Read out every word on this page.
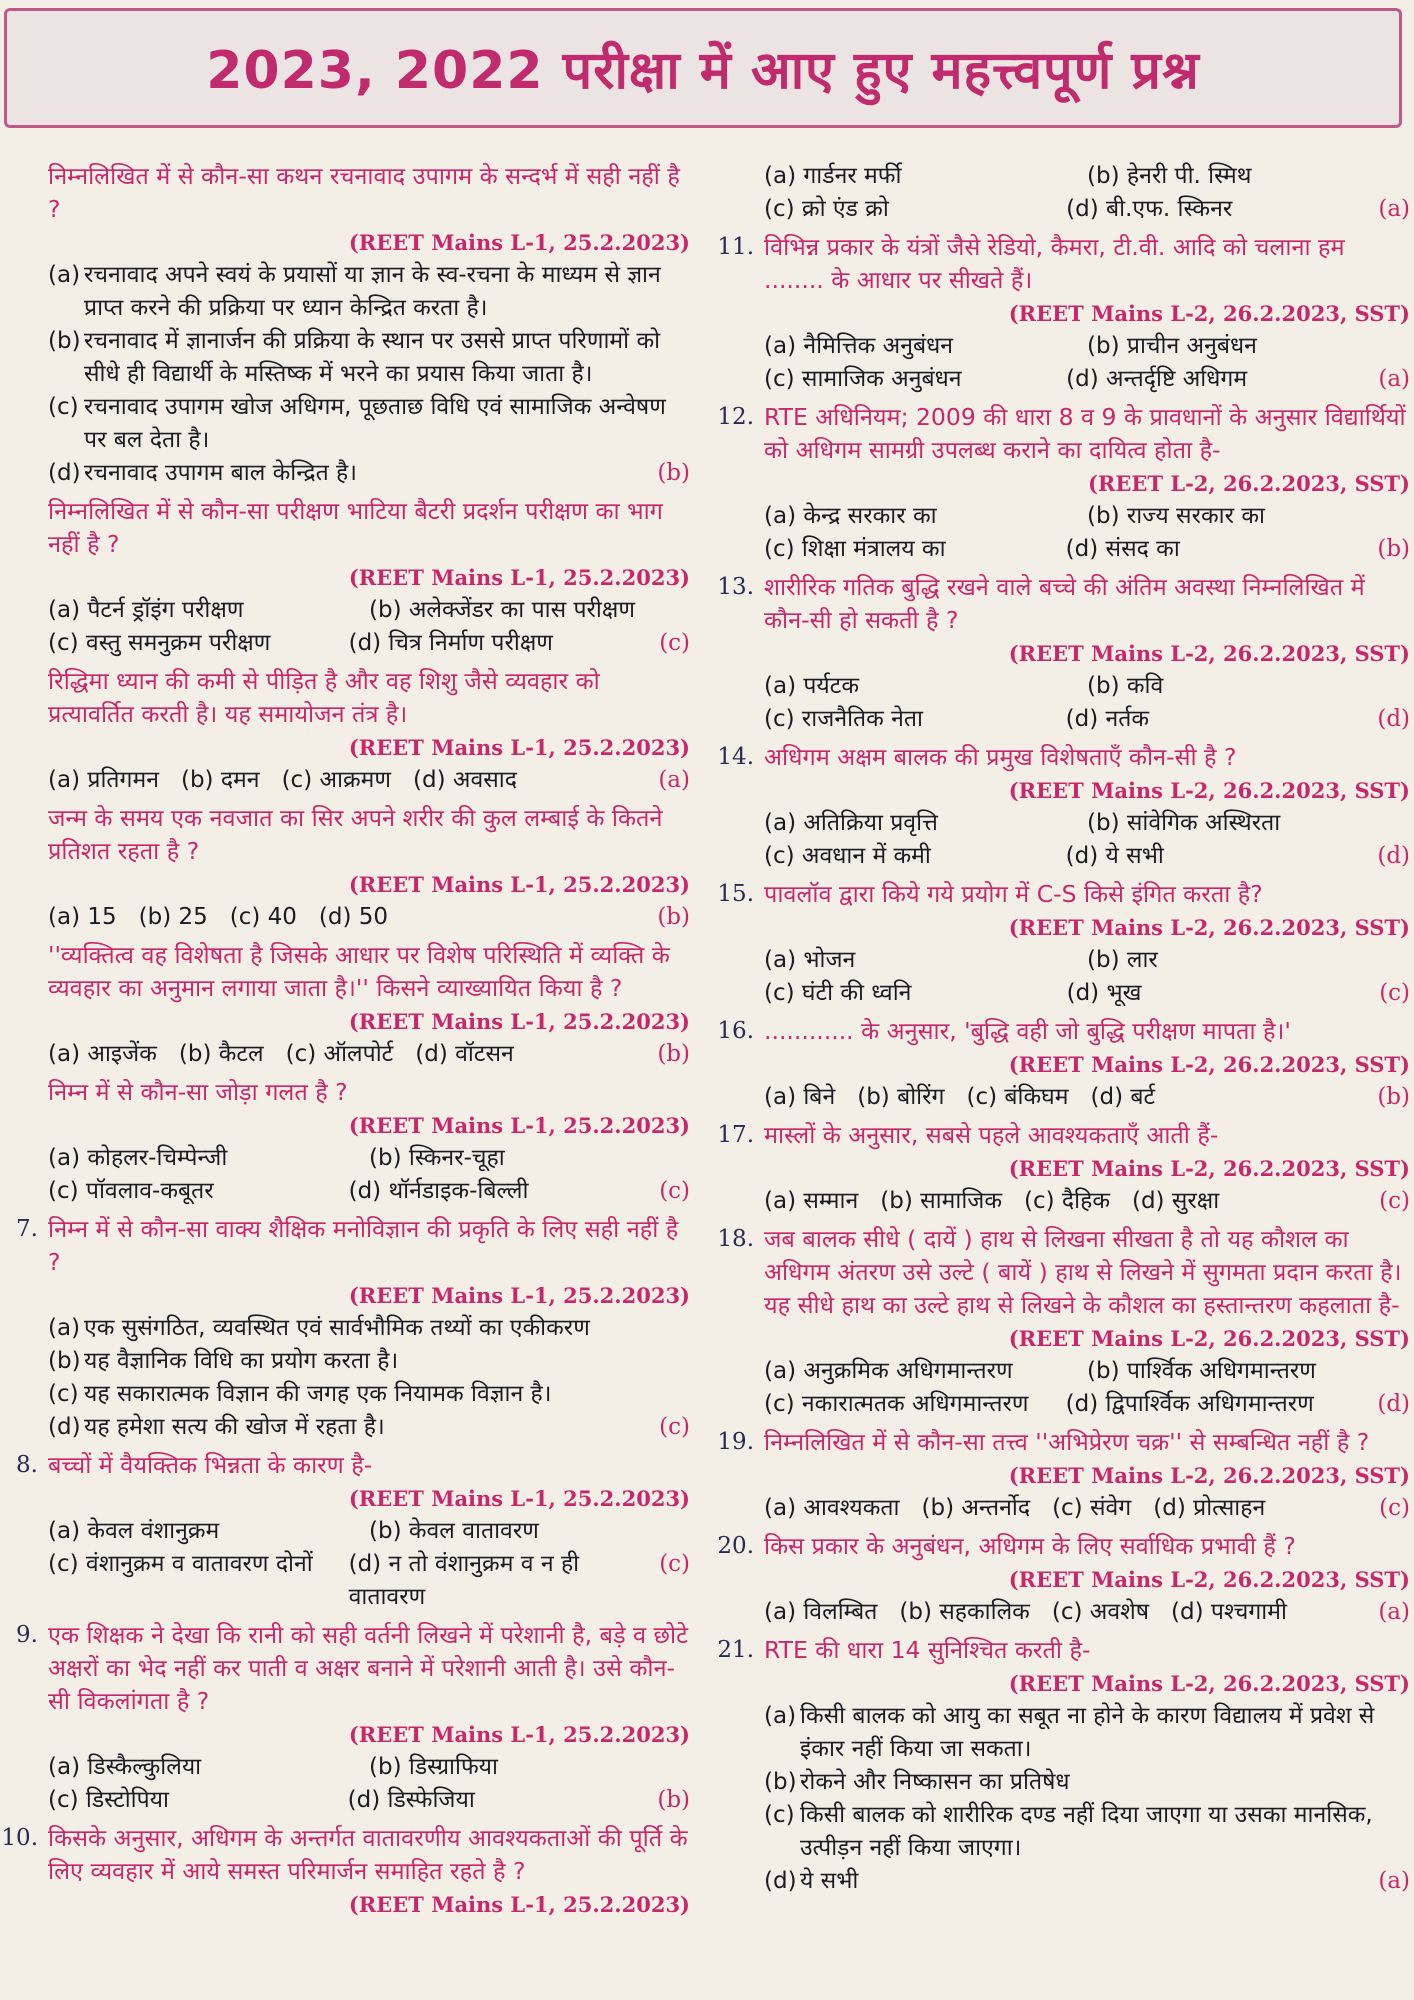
2023, 2022 परीक्षा में आए हुए महत्त्वपूर्ण प्रश्न
निम्नलिखित में से कौन-सा कथन रचनावाद उपागम के सन्दर्भ में सही नहीं है ?
(REET Mains L-1, 25.2.2023)
(a) रचनावाद अपने स्वयं के प्रयासों या ज्ञान के स्व-रचना के माध्यम से ज्ञान प्राप्त करने की प्रक्रिया पर ध्यान केन्द्रित करता है।
(b) रचनावाद में ज्ञानार्जन की प्रक्रिया के स्थान पर उससे प्राप्त परिणामों को सीधे ही विद्यार्थी के मस्तिष्क में भरने का प्रयास किया जाता है।
(c) रचनावाद उपागम खोज अधिगम, पूछताछ विधि एवं सामाजिक अन्वेषण पर बल देता है।
(d) रचनावाद उपागम बाल केन्द्रित है।	(b)
निम्नलिखित में से कौन-सा परीक्षण भाटिया बैटरी प्रदर्शन परीक्षण का भाग नहीं है ?
(REET Mains L-1, 25.2.2023)
(a) पैटर्न ड्रॉइंग परीक्षण	(b) अलेक्जेंडर का पास परीक्षण
(c) वस्तु समनुक्रम परीक्षण	(d) चित्र निर्माण परीक्षण	(c)
रिद्धिमा ध्यान की कमी से पीड़ित है और वह शिशु जैसे व्यवहार को प्रत्यावर्तित करती है। यह समायोजन तंत्र है।
(REET Mains L-1, 25.2.2023)
(a) प्रतिगमन (b) दमन (c) आक्रमण (d) अवसाद	(a)
जन्म के समय एक नवजात का सिर अपने शरीर की कुल लम्बाई के कितने प्रतिशत रहता है ?
(REET Mains L-1, 25.2.2023)
(a) 15 (b) 25 (c) 40 (d) 50	(b)
''व्यक्तित्व वह विशेषता है जिसके आधार पर विशेष परिस्थिति में व्यक्ति के व्यवहार का अनुमान लगाया जाता है।'' किसने व्याख्यायित किया है ?
(REET Mains L-1, 25.2.2023)
(a) आइजेंक (b) कैटल (c) ऑलपोर्ट (d) वॉटसन	(b)
निम्न में से कौन-सा जोड़ा गलत है ?
(REET Mains L-1, 25.2.2023)
(a) कोहलर-चिम्पेन्जी	(b) स्किनर-चूहा
(c) पॉवलाव-कबूतर	(d) थॉर्नडाइक-बिल्ली	(c)
7. निम्न में से कौन-सा वाक्य शैक्षिक मनोविज्ञान की प्रकृति के लिए सही नहीं है ?
(REET Mains L-1, 25.2.2023)
(a) एक सुसंगठित, व्यवस्थित एवं सार्वभौमिक तथ्यों का एकीकरण
(b) यह वैज्ञानिक विधि का प्रयोग करता है।
(c) यह सकारात्मक विज्ञान की जगह एक नियामक विज्ञान है।
(d) यह हमेशा सत्य की खोज में रहता है।	(c)
8. बच्चों में वैयक्तिक भिन्नता के कारण है-
(REET Mains L-1, 25.2.2023)
(a) केवल वंशानुक्रम	(b) केवल वातावरण
(c) वंशानुक्रम व वातावरण दोनों	(d) न तो वंशानुक्रम व न ही वातावरण
(c)
9. एक शिक्षक ने देखा कि रानी को सही वर्तनी लिखने में परेशानी है, बड़े व छोटे अक्षरों का भेद नहीं कर पाती व अक्षर बनाने में परेशानी आती है। उसे कौन-सी विकलांगता है ?
(REET Mains L-1, 25.2.2023)
(a) डिस्कैल्कुलिया	(b) डिस्ग्राफिया
(c) डिस्टोपिया	(d) डिस्फेजिया	(b)
10. किसके अनुसार, अधिगम के अन्तर्गत वातावरणीय आवश्यकताओं की पूर्ति के लिए व्यवहार में आये समस्त परिमार्जन समाहित रहते है ?
(REET Mains L-1, 25.2.2023)
(a) गार्डनर मर्फी	(b) हेनरी पी. स्मिथ
(c) क्रो एंड क्रो	(d) बी.एफ. स्किनर	(a)
11. विभिन्न प्रकार के यंत्रों जैसे रेडियो, कैमरा, टी.वी. आदि को चलाना हम ........ के आधार पर सीखते हैं।
(REET Mains L-2, 26.2.2023, SST)
(a) नैमित्तिक अनुबंधन	(b) प्राचीन अनुबंधन
(c) सामाजिक अनुबंधन	(d) अन्तर्दृष्टि अधिगम	(a)
12. RTE अधिनियम; 2009 की धारा 8 व 9 के प्रावधानों के अनुसार विद्यार्थियों को अधिगम सामग्री उपलब्ध कराने का दायित्व होता है-
(REET L-2, 26.2.2023, SST)
(a) केन्द्र सरकार का	(b) राज्य सरकार का
(c) शिक्षा मंत्रालय का	(d) संसद का	(b)
13. शारीरिक गतिक बुद्धि रखने वाले बच्चे की अंतिम अवस्था निम्नलिखित में कौन-सी हो सकती है ?
(REET Mains L-2, 26.2.2023, SST)
(a) पर्यटक	(b) कवि
(c) राजनैतिक नेता	(d) नर्तक	(d)
14. अधिगम अक्षम बालक की प्रमुख विशेषताएँ कौन-सी है ?
(REET Mains L-2, 26.2.2023, SST)
(a) अतिक्रिया प्रवृत्ति	(b) सांवेगिक अस्थिरता
(c) अवधान में कमी	(d) ये सभी	(d)
15. पावलॉव द्वारा किये गये प्रयोग में C-S किसे इंगित करता है?
(REET Mains L-2, 26.2.2023, SST)
(a) भोजन	(b) लार
(c) घंटी की ध्वनि	(d) भूख	(c)
16. ............ के अनुसार, 'बुद्धि वही जो बुद्धि परीक्षण मापता है।'
(REET Mains L-2, 26.2.2023, SST)
(a) बिने (b) बोरिंग (c) बंकिघम (d) बर्ट	(b)
17. मास्लों के अनुसार, सबसे पहले आवश्यकताएँ आती हैं-
(REET Mains L-2, 26.2.2023, SST)
(a) सम्मान (b) सामाजिक (c) दैहिक (d) सुरक्षा	(c)
18. जब बालक सीधे ( दायें ) हाथ से लिखना सीखता है तो यह कौशल का अधिगम अंतरण उसे उल्टे ( बायें ) हाथ से लिखने में सुगमता प्रदान करता है। यह सीधे हाथ का उल्टे हाथ से लिखने के कौशल का हस्तान्तरण कहलाता है-
(REET Mains L-2, 26.2.2023, SST)
(a) अनुक्रमिक अधिगमान्तरण	(b) पार्श्विक अधिगमान्तरण
(c) नकारात्मतक अधिगमान्तरण	(d) द्विपार्श्विक अधिगमान्तरण	(d)
19. निम्नलिखित में से कौन-सा तत्त्व ''अभिप्रेरण चक्र'' से सम्बन्धित नहीं है ?
(REET Mains L-2, 26.2.2023, SST)
(a) आवश्यकता (b) अन्तर्नोद (c) संवेग (d) प्रोत्साहन	(c)
20. किस प्रकार के अनुबंधन, अधिगम के लिए सर्वाधिक प्रभावी हैं ?
(REET Mains L-2, 26.2.2023, SST)
(a) विलम्बित (b) सहकालिक (c) अवशेष (d) पश्चगामी	(a)
21. RTE की धारा 14 सुनिश्चित करती है-
(REET Mains L-2, 26.2.2023, SST)
(a) किसी बालक को आयु का सबूत ना होने के कारण विद्यालय में प्रवेश से इंकार नहीं किया जा सकता।
(b) रोकने और निष्कासन का प्रतिषेध
(c) किसी बालक को शारीरिक दण्ड नहीं दिया जाएगा या उसका मानसिक, उत्पीड़न नहीं किया जाएगा।
(d) ये सभी	(a)
